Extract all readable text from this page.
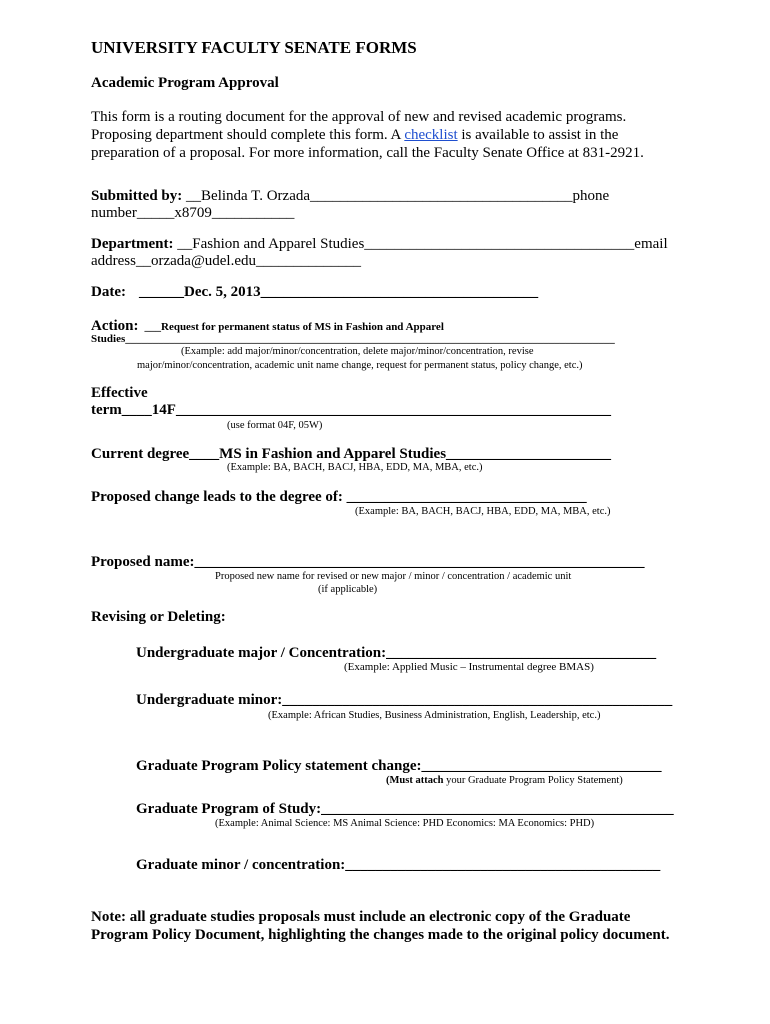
UNIVERSITY FACULTY SENATE FORMS
Academic Program Approval
This form is a routing document for the approval of new and revised academic programs.
Proposing department should complete this form. A checklist is available to assist in the
preparation of a proposal. For more information, call the Faculty Senate Office at 831-2921.
Submitted by: __Belinda T. Orzada___________________________________phone
number_____x8709___________
Department: __Fashion and Apparel Studies____________________________________email
address__orzada@udel.edu______________
Date: ______Dec. 5, 2013_____________________________________
Action: ___Request for permanent status of MS in Fashion and Apparel
Studies_________________________________________________________________________________________
(Example: add major/minor/concentration, delete major/minor/concentration, revise
major/minor/concentration, academic unit name change, request for permanent status, policy change, etc.)
Effective
term____14F__________________________________________________________
(use format 04F, 05W)
Current degree____MS in Fashion and Apparel Studies______________________
(Example: BA, BACH, BACJ, HBA, EDD, MA, MBA, etc.)
Proposed change leads to the degree of: ________________________________
(Example: BA, BACH, BACJ, HBA, EDD, MA, MBA, etc.)
Proposed name:____________________________________________________________
Proposed new name for revised or new major / minor / concentration / academic unit
(if applicable)
Revising or Deleting:
Undergraduate major / Concentration:____________________________________
(Example: Applied Music – Instrumental degree BMAS)
Undergraduate minor:____________________________________________________
(Example: African Studies, Business Administration, English, Leadership, etc.)
Graduate Program Policy statement change:________________________________
(Must attach your Graduate Program Policy Statement)
Graduate Program of Study:_______________________________________________
(Example: Animal Science: MS Animal Science: PHD Economics: MA Economics: PHD)
Graduate minor / concentration:__________________________________________
Note: all graduate studies proposals must include an electronic copy of the Graduate
Program Policy Document, highlighting the changes made to the original policy document.
